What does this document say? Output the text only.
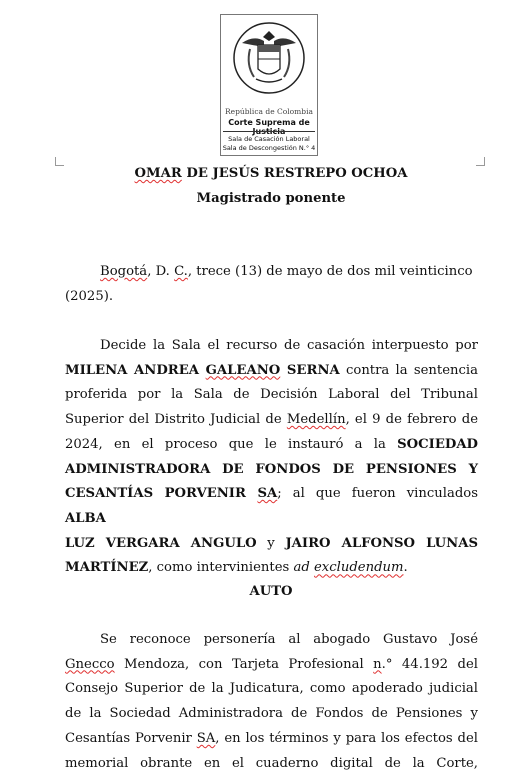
República de Colombia
Corte Suprema de Justicia
Sala de Casación Laboral
Sala de Descongestión N.° 4
OMAR DE JESÚS RESTREPO OCHOA
Magistrado ponente
Bogotá, D. C., trece (13) de mayo de dos mil veinticinco
(2025).
Decide la Sala el recurso de casación interpuesto por
MILENA ANDREA GALEANO SERNA contra la sentencia
proferida por la Sala de Decisión Laboral del Tribunal
Superior del Distrito Judicial de Medellín, el 9 de febrero de
2024, en el proceso que le instauró a la SOCIEDAD
ADMINISTRADORA DE FONDOS DE PENSIONES Y
CESANTÍAS PORVENIR SA; al que fueron vinculados ALBA
LUZ VERGARA ANGULO y JAIRO ALFONSO LUNAS
MARTÍNEZ, como intervinientes ad excludendum.
AUTO
Se reconoce personería al abogado Gustavo José
Gnecco Mendoza, con Tarjeta Profesional n.° 44.192 del
Consejo Superior de la Judicatura, como apoderado judicial
de la Sociedad Administradora de Fondos de Pensiones y
Cesantías Porvenir SA, en los términos y para los efectos del
memorial obrante en el cuaderno digital de la Corte,
